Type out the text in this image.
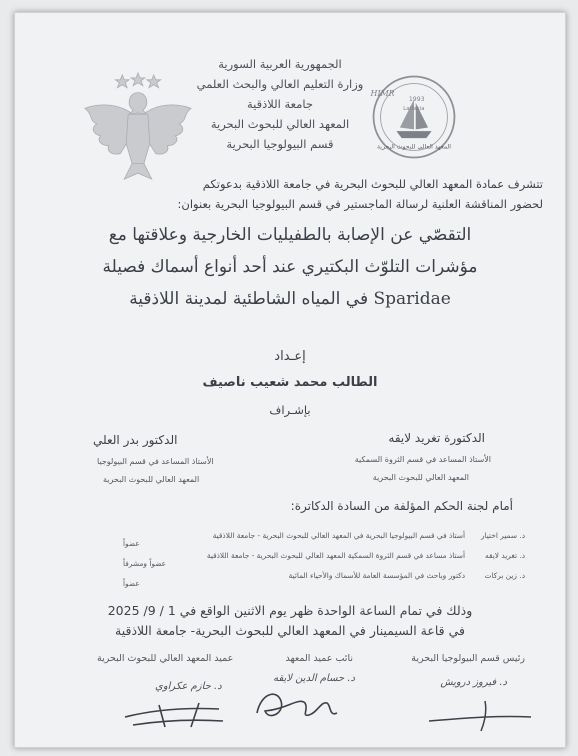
HIMR
1993
Lattakia
المعهد العالي للبحوث البحرية
الجمهورية العربية السورية
وزارة التعليم العالي والبحث العلمي
جامعة اللاذقية
المعهد العالي للبحوث البحرية
قسم البيولوجيا البحرية
تتشرف عمادة المعهد العالي للبحوث البحرية في جامعة اللاذقية بدعوتكم
لحضور المناقشة العلنية لرسالة الماجستير في قسم البيولوجيا البحرية بعنوان:
التقصّي عن الإصابة بالطفيليات الخارجية وعلاقتها مع
مؤشرات التلوّث البكتيري عند أحد أنواع أسماك فصيلة
Sparidae في المياه الشاطئية لمدينة اللاذقية
إعـداد
الطالب محمد شعيب ناصيف
بإشـراف
الدكتورة تغريد لايقه
الأستاذ المساعد في قسم الثروة السمكية
المعهد العالي للبحوث البحرية
الدكتور بدر العلي
الأستاذ المساعد في قسم البيولوجيا
المعهد العالي للبحوث البحرية
أمام لجنة الحكم المؤلفة من السادة الدكاترة:
د. سمير اختيار
أستاذ في قسم البيولوجيا البحرية في المعهد العالي للبحوث البحرية - جامعة اللاذقية
عضواً
د. تغريد لايقه
أستاذ مساعد في قسم الثروة السمكية المعهد العالي للبحوث البحرية - جامعة اللاذقية
عضواً ومشرفاً
د. زين بركات
دكتور وباحث في المؤسسة العامة للأسماك والأحياء المائية
عضواً
وذلك في تمام الساعة الواحدة ظهر يوم الاثنين الواقع في 1 / 9/ 2025
في قاعة السيمينار في المعهد العالي للبحوث البحرية- جامعة اللاذقية
رئيس قسم البيولوجيا البحرية
نائب عميد المعهد
عميد المعهد العالي للبحوث البحرية
د. فيروز درويش
د. حسام الدين لايقه
د. حازم عكراوي
